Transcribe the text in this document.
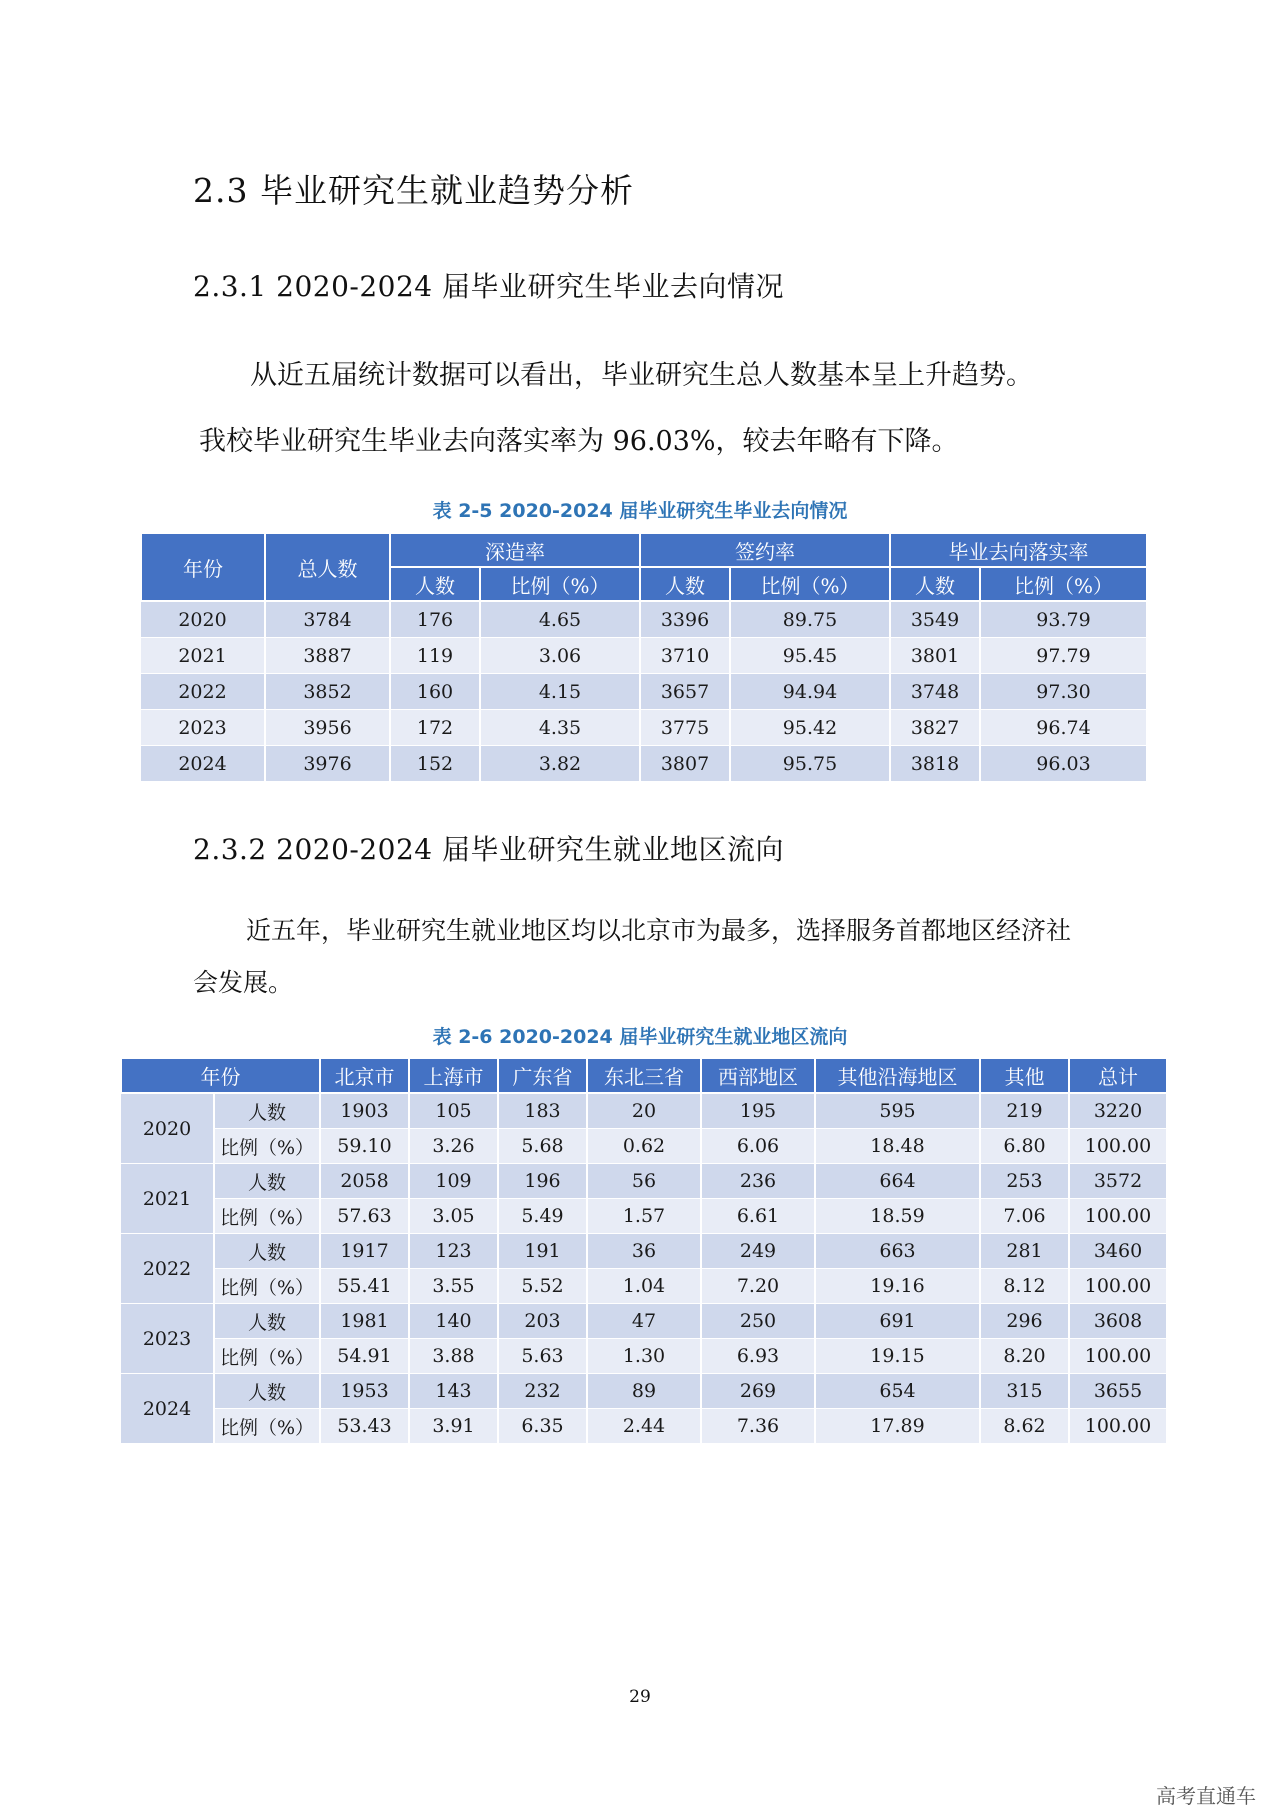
2.3 毕业研究生就业趋势分析
2.3.1 2020-2024 届毕业研究生毕业去向情况
从近五届统计数据可以看出，毕业研究生总人数基本呈上升趋势。
我校毕业研究生毕业去向落实率为 96.03%，较去年略有下降。
表 2-5 2020-2024 届毕业研究生毕业去向情况
年份	总人数	深造率		签约率		毕业去向落实率	
		人数	比例（%）	人数	比例（%）	人数	比例（%）
2020	3784	176	4.65	3396	89.75	3549	93.79
2021	3887	119	3.06	3710	95.45	3801	97.79
2022	3852	160	4.15	3657	94.94	3748	97.30
2023	3956	172	4.35	3775	95.42	3827	96.74
2024	3976	152	3.82	3807	95.75	3818	96.03
2.3.2 2020-2024 届毕业研究生就业地区流向
近五年，毕业研究生就业地区均以北京市为最多，选择服务首都地区经济社
会发展。
表 2-6 2020-2024 届毕业研究生就业地区流向
年份		北京市	上海市	广东省	东北三省	西部地区	其他沿海地区	其他	总计
2020	人数	1903	105	183	20	195	595	219	3220
	比例（%）	59.10	3.26	5.68	0.62	6.06	18.48	6.80	100.00
2021	人数	2058	109	196	56	236	664	253	3572
	比例（%）	57.63	3.05	5.49	1.57	6.61	18.59	7.06	100.00
2022	人数	1917	123	191	36	249	663	281	3460
	比例（%）	55.41	3.55	5.52	1.04	7.20	19.16	8.12	100.00
2023	人数	1981	140	203	47	250	691	296	3608
	比例（%）	54.91	3.88	5.63	1.30	6.93	19.15	8.20	100.00
2024	人数	1953	143	232	89	269	654	315	3655
	比例（%）	53.43	3.91	6.35	2.44	7.36	17.89	8.62	100.00
29
高考直通车
